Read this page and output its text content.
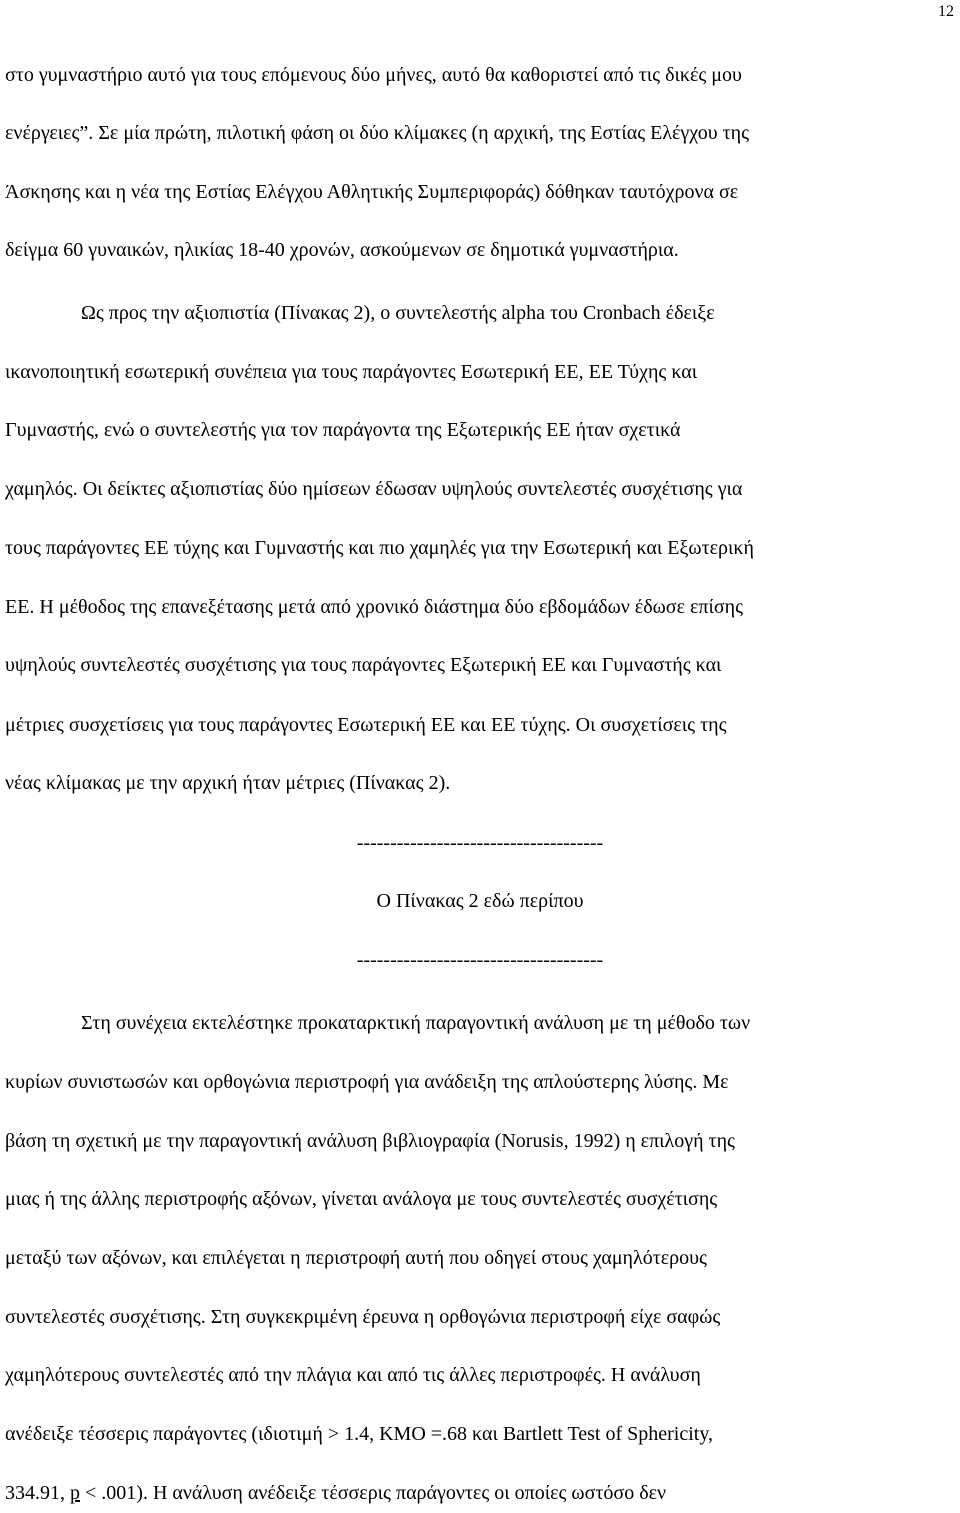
12
στο γυμναστήριο αυτό για τους επόμενους δύο μήνες, αυτό θα καθοριστεί από τις δικές μου
ενέργειες”. Σε μία πρώτη, πιλοτική φάση οι δύο κλίμακες (η αρχική, της Εστίας Ελέγχου της
Άσκησης και η νέα της Εστίας Ελέγχου Αθλητικής Συμπεριφοράς) δόθηκαν ταυτόχρονα σε
δείγμα 60 γυναικών, ηλικίας 18-40 χρονών, ασκούμενων σε δημοτικά γυμναστήρια.
Ως προς την αξιοπιστία (Πίνακας 2), ο συντελεστής alpha του Cronbach έδειξε
ικανοποιητική εσωτερική συνέπεια για τους παράγοντες Εσωτερική ΕΕ, ΕΕ Τύχης και
Γυμναστής, ενώ ο συντελεστής για τον παράγοντα της Εξωτερικής ΕΕ ήταν σχετικά
χαμηλός. Οι δείκτες αξιοπιστίας δύο ημίσεων έδωσαν υψηλούς συντελεστές συσχέτισης για
τους παράγοντες ΕΕ τύχης και Γυμναστής και πιο χαμηλές για την Εσωτερική και Εξωτερική
ΕΕ. Η μέθοδος της επανεξέτασης μετά από χρονικό διάστημα δύο εβδομάδων έδωσε επίσης
υψηλούς συντελεστές συσχέτισης για τους παράγοντες Εξωτερική ΕΕ και Γυμναστής και
μέτριες συσχετίσεις για τους παράγοντες Εσωτερική ΕΕ και ΕΕ τύχης. Οι συσχετίσεις της
νέας κλίμακας με την αρχική ήταν μέτριες (Πίνακας 2).
-------------------------------------
Ο Πίνακας 2 εδώ περίπου
-------------------------------------
Στη συνέχεια εκτελέστηκε προκαταρκτική παραγοντική ανάλυση με τη μέθοδο των
κυρίων συνιστωσών και ορθογώνια περιστροφή για ανάδειξη της απλούστερης λύσης. Με
βάση τη σχετική με την παραγοντική ανάλυση βιβλιογραφία (Norusis, 1992) η επιλογή της
μιας ή της άλλης περιστροφής αξόνων, γίνεται ανάλογα με τους συντελεστές συσχέτισης
μεταξύ των αξόνων, και επιλέγεται η περιστροφή αυτή που οδηγεί στους χαμηλότερους
συντελεστές συσχέτισης. Στη συγκεκριμένη έρευνα η ορθογώνια περιστροφή είχε σαφώς
χαμηλότερους συντελεστές από την πλάγια και από τις άλλες περιστροφές. Η ανάλυση
ανέδειξε τέσσερις παράγοντες (ιδιοτιμή > 1.4, KMO =.68 και Bartlett Test of Sphericity,
334.91, p < .001). Η ανάλυση ανέδειξε τέσσερις παράγοντες οι οποίες ωστόσο δεν
